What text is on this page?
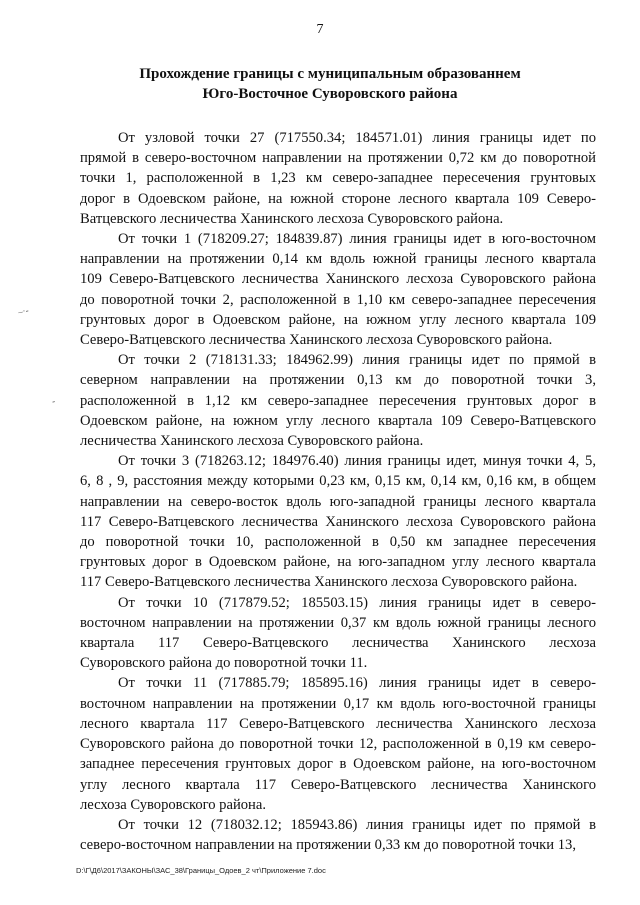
7
Прохождение границы с муниципальным образованнем
Юго-Восточное Суворовского района
От узловой точки 27 (717550.34; 184571.01) линия границы идет по
прямой в северо-восточном направлении на протяжении 0,72 км до поворотной
точки 1, расположенной в 1,23 км северо-западнее пересечения грунтовых
дорог в Одоевском районе, на южной стороне лесного квартала 109 Северо-
Ватцевского лесничества Ханинского лесхоза Суворовского района.
От точки 1 (718209.27; 184839.87) линия границы идет в юго-восточном
направлении на протяжении 0,14 км вдоль южной границы лесного квартала
109 Северо-Ватцевского лесничества Ханинского лесхоза Суворовского района
до поворотной точки 2, расположенной в 1,10 км северо-западнее пересечения
грунтовых дорог в Одоевском районе, на южном углу лесного квартала 109
Северо-Ватцевского лесничества Ханинского лесхоза Суворовского района.
От точки 2 (718131.33; 184962.99) линия границы идет по прямой в
северном направлении на протяжении 0,13 км до поворотной точки 3,
расположенной в 1,12 км северо-западнее пересечения грунтовых дорог в
Одоевском районе, на южном углу лесного квартала 109 Северо-Ватцевского
лесничества Ханинского лесхоза Суворовского района.
От точки 3 (718263.12; 184976.40) линия границы идет, минуя точки 4, 5,
6, 8 , 9, расстояния между которыми 0,23 км, 0,15 км, 0,14 км, 0,16 км, в общем
направлении на северо-восток вдоль юго-западной границы лесного квартала
117 Северо-Ватцевского лесничества Ханинского лесхоза Суворовского района
до поворотной точки 10, расположенной в 0,50 км западнее пересечения
грунтовых дорог в Одоевском районе, на юго-западном углу лесного квартала
117 Северо-Ватцевского лесничества Ханинского лесхоза Суворовского района.
От точки 10 (717879.52; 185503.15) линия границы идет в северо-
восточном направлении на протяжении 0,37 км вдоль южной границы лесного
квартала 117 Северо-Ватцевского лесничества Ханинского лесхоза
Суворовского района до поворотной точки 11.
От точки 11 (717885.79; 185895.16) линия границы идет в северо-
восточном направлении на протяжении 0,17 км вдоль юго-восточной границы
лесного квартала 117 Северо-Ватцевского лесничества Ханинского лесхоза
Суворовского района до поворотной точки 12, расположенной в 0,19 км северо-
западнее пересечения грунтовых дорог в Одоевском районе, на юго-восточном
углу лесного квартала 117 Северо-Ватцевского лесничества Ханинского
лесхоза Суворовского района.
От точки 12 (718032.12; 185943.86) линия границы идет по прямой в
северо-восточном направлении на протяжении 0,33 км до поворотной точки 13,
–·‑
-
D:\Г\Д6\2017\ЗАКОНЫ\ЗАС_38\Границы_Одоев_2 чт\Приложение 7.doc
